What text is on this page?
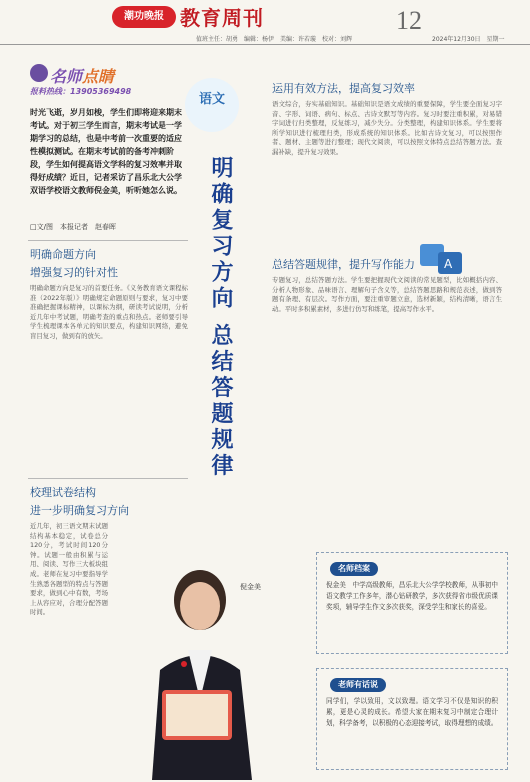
潮功晚报 教育周刊	12
值班主任：胡勇　编辑：杨伊　美编：许若璇　校对：刘辉	2024年12月30日　星期一
名师点睛
报料热线：13905369498
时光飞逝，岁月如梭，学生们即将迎来期末考试。对于初三学生而言，期末考试是一学期学习的总结，也是中考前一次重要的适应性模拟测试。在期末考试前的备考冲刺阶段，学生如何提高语文学科的复习效率并取得好成绩？近日，记者采访了昌乐北大公学双语学校语文教师倪金美，听听她怎么说。
□文/图　本报记者　赵春晖
明确命题方向
增强复习的针对性
明确命题方向是复习的首要任务。《义务教育语文课程标准（2022年版）》明确规定命题原则与要求，复习中要准确把握课标精神，以课标为纲，研读考试说明，分析近几年中考试题，明确考查的重点和热点。老师要引导学生梳理课本各单元的知识要点，构建知识网络，避免盲目复习，做到有的放矢。
校理试卷结构
进一步明确复习方向
近几年，初三语文期末试题结构基本稳定，试卷总分120分，考试时间120分钟。试题一般由积累与运用、阅读、写作三大板块组成。老师在复习中要指导学生熟悉各题型的特点与答题要求，做到心中有数，考场上从容应对，合理分配答题时间。
语文
明确复习方向 总结答题规律
倪金美
运用有效方法，提高复习效率
语文综合，夯实基础知识。基础知识是语文成绩的重要保障，学生要全面复习字音、字形、词语、病句、标点、古诗文默写等内容。复习时要注重积累，对易错字词进行归类整理，反复练习，减少失分。分类整理，构建知识体系。学生要将所学知识进行梳理归类，形成系统的知识体系。比如古诗文复习，可以按照作者、题材、主题等进行整理；现代文阅读，可以按照文体特点总结答题方法。查漏补缺，提升复习效果。
A
总结答题规律，提升写作能力
专题复习，总结答题方法。学生要把握现代文阅读的常见题型，比如概括内容、分析人物形象、品味语言、理解句子含义等，总结答题思路和规范表述，做到答题有条理、有层次。写作方面，要注重审题立意，选材新颖，结构清晰，语言生动。平时多积累素材，多进行仿写和练笔，提高写作水平。
名师档案
倪金美　中学高级教师，昌乐北大公学学校教师，从事初中语文教学工作多年，潜心钻研教学，多次获得省市级优质课奖项，辅导学生作文多次获奖，深受学生和家长的喜爱。
老师有话说
同学们，学以致用，文以致理。语文学习不仅是知识的积累，更是心灵的成长。希望大家在期末复习中制定合理计划，科学备考，以积极的心态迎接考试，取得理想的成绩。
